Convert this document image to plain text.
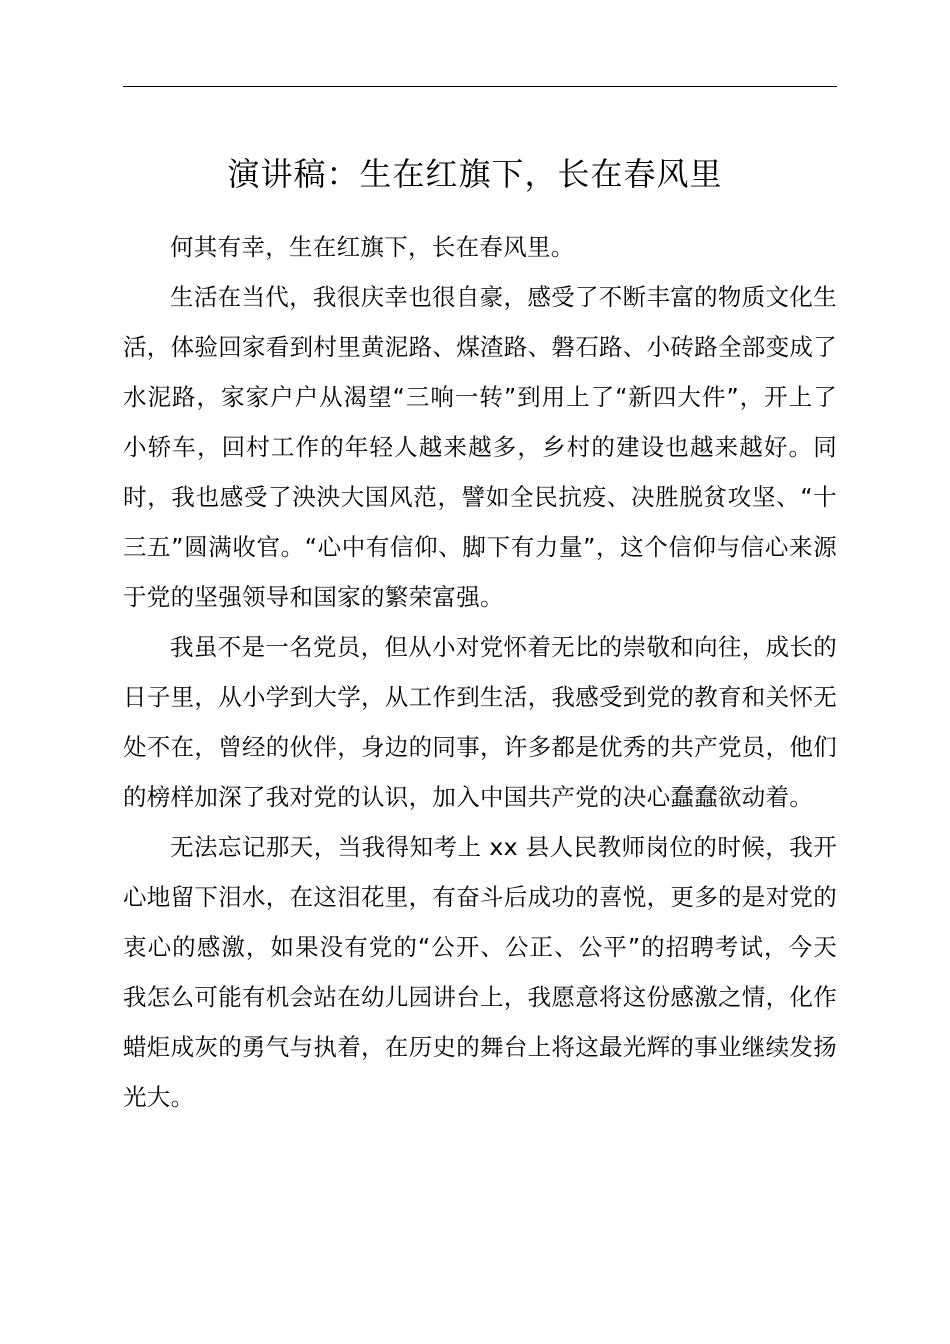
演讲稿：生在红旗下，长在春风里

何其有幸，生在红旗下，长在春风里。

生活在当代，我很庆幸也很自豪，感受了不断丰富的物质文化生活，体验回家看到村里黄泥路、煤渣路、磐石路、小砖路全部变成了水泥路，家家户户从渴望“三响一转”到用上了“新四大件”，开上了小轿车，回村工作的年轻人越来越多，乡村的建设也越来越好。同时，我也感受了泱泱大国风范，譬如全民抗疫、决胜脱贫攻坚、“十三五”圆满收官。“心中有信仰、脚下有力量”，这个信仰与信心来源于党的坚强领导和国家的繁荣富强。

我虽不是一名党员，但从小对党怀着无比的崇敬和向往，成长的日子里，从小学到大学，从工作到生活，我感受到党的教育和关怀无处不在，曾经的伙伴，身边的同事，许多都是优秀的共产党员，他们的榜样加深了我对党的认识，加入中国共产党的决心蠢蠢欲动着。

无法忘记那天，当我得知考上 xx 县人民教师岗位的时候，我开心地留下泪水，在这泪花里，有奋斗后成功的喜悦，更多的是对党的衷心的感激，如果没有党的“公开、公正、公平”的招聘考试，今天我怎么可能有机会站在幼儿园讲台上，我愿意将这份感激之情，化作蜡炬成灰的勇气与执着，在历史的舞台上将这最光辉的事业继续发扬光大。
